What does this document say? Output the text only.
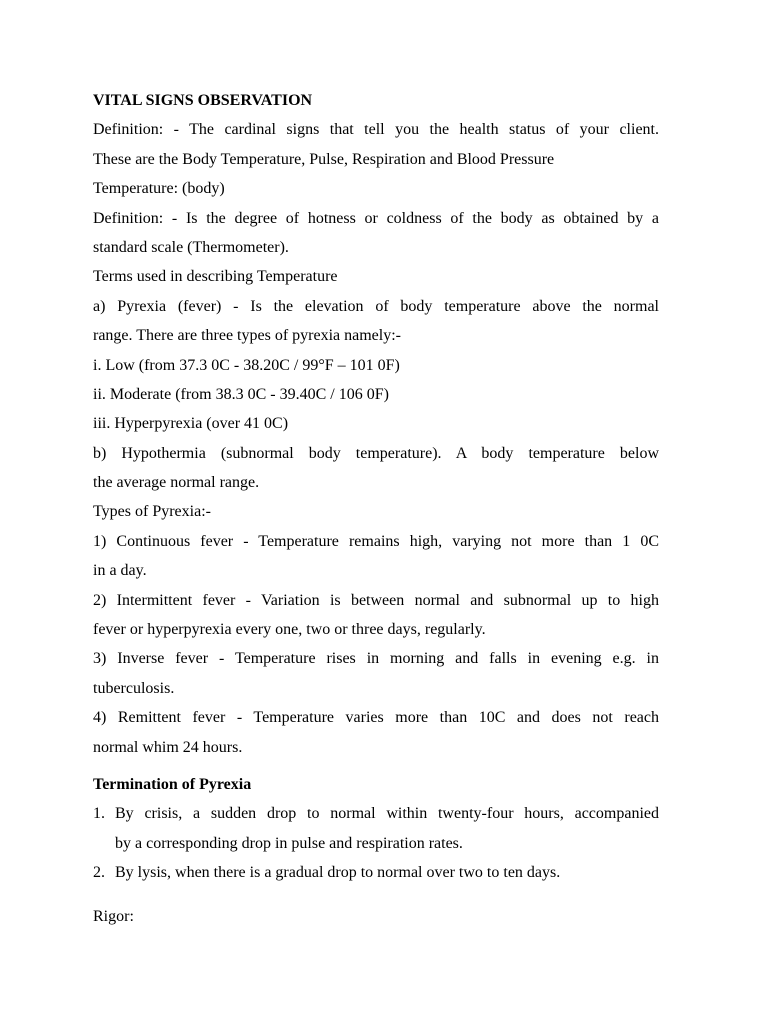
VITAL SIGNS OBSERVATION
Definition: - The cardinal signs that tell you the health status of your client.
These are the Body Temperature, Pulse, Respiration and Blood Pressure
Temperature: (body)
Definition: - Is the degree of hotness or coldness of the body as obtained by a
standard scale (Thermometer).
Terms used in describing Temperature
a) Pyrexia (fever) - Is the elevation of body temperature above the normal
range. There are three types of pyrexia namely:-
i. Low (from 37.3 0C - 38.20C / 99°F – 101 0F)
ii. Moderate (from 38.3 0C - 39.40C / 106 0F)
iii. Hyperpyrexia (over 41 0C)
b) Hypothermia (subnormal body temperature). A body temperature below
the average normal range.
Types of Pyrexia:-
1) Continuous fever - Temperature remains high, varying not more than 1 0C
in a day.
2) Intermittent fever - Variation is between normal and subnormal up to high
fever or hyperpyrexia every one, two or three days, regularly.
3) Inverse fever - Temperature rises in morning and falls in evening e.g. in
tuberculosis.
4) Remittent fever - Temperature varies more than 10C and does not reach
normal whim 24 hours.
Termination of Pyrexia
1. By crisis, a sudden drop to normal within twenty-four hours, accompanied
by a corresponding drop in pulse and respiration rates.
2. By lysis, when there is a gradual drop to normal over two to ten days.
Rigor:
